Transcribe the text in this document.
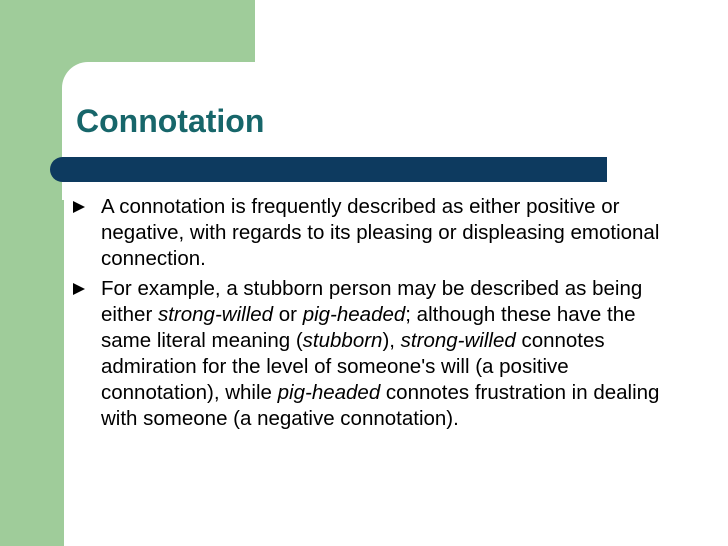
Connotation
A connotation is frequently described as either positive or negative, with regards to its pleasing or displeasing emotional connection.
For example, a stubborn person may be described as being either strong-willed or pig-headed; although these have the same literal meaning (stubborn), strong-willed connotes admiration for the level of someone's will (a positive connotation), while pig-headed connotes frustration in dealing with someone (a negative connotation).
